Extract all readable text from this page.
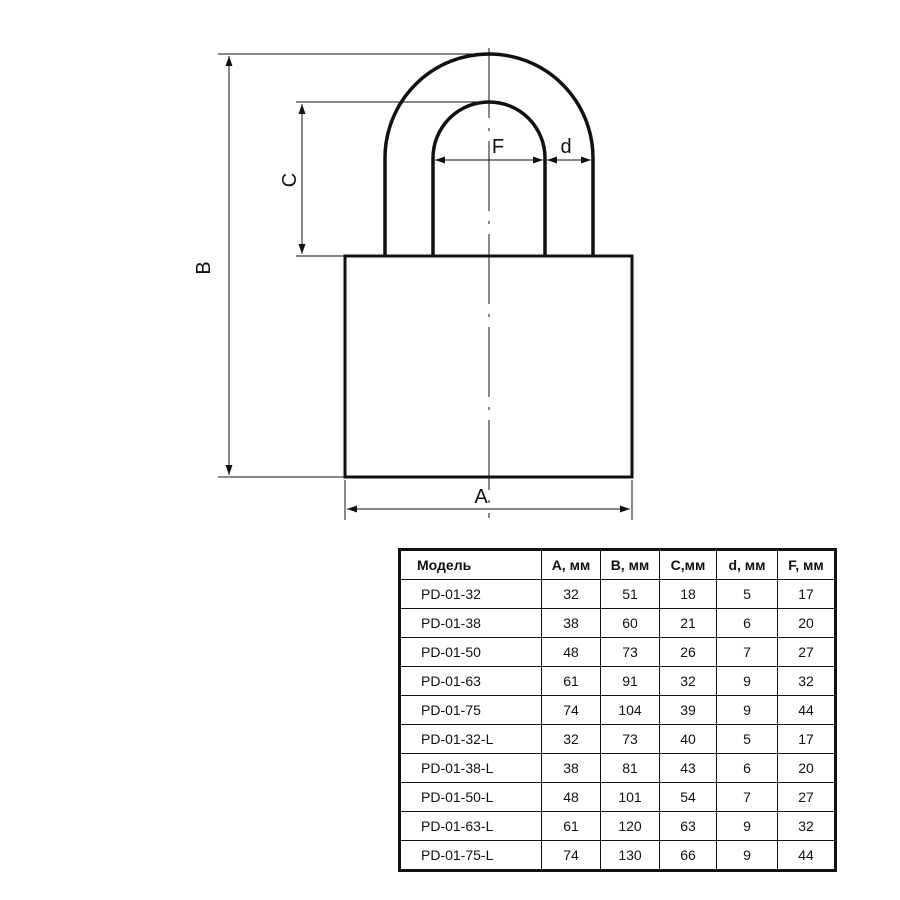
B
C
F	d
A
Модель	A, мм	B, мм	C,мм	d, мм	F, мм
PD-01-32	32	51	18	5	17
PD-01-38	38	60	21	6	20
PD-01-50	48	73	26	7	27
PD-01-63	61	91	32	9	32
PD-01-75	74	104	39	9	44
PD-01-32-L	32	73	40	5	17
PD-01-38-L	38	81	43	6	20
PD-01-50-L	48	101	54	7	27
PD-01-63-L	61	120	63	9	32
PD-01-75-L	74	130	66	9	44
